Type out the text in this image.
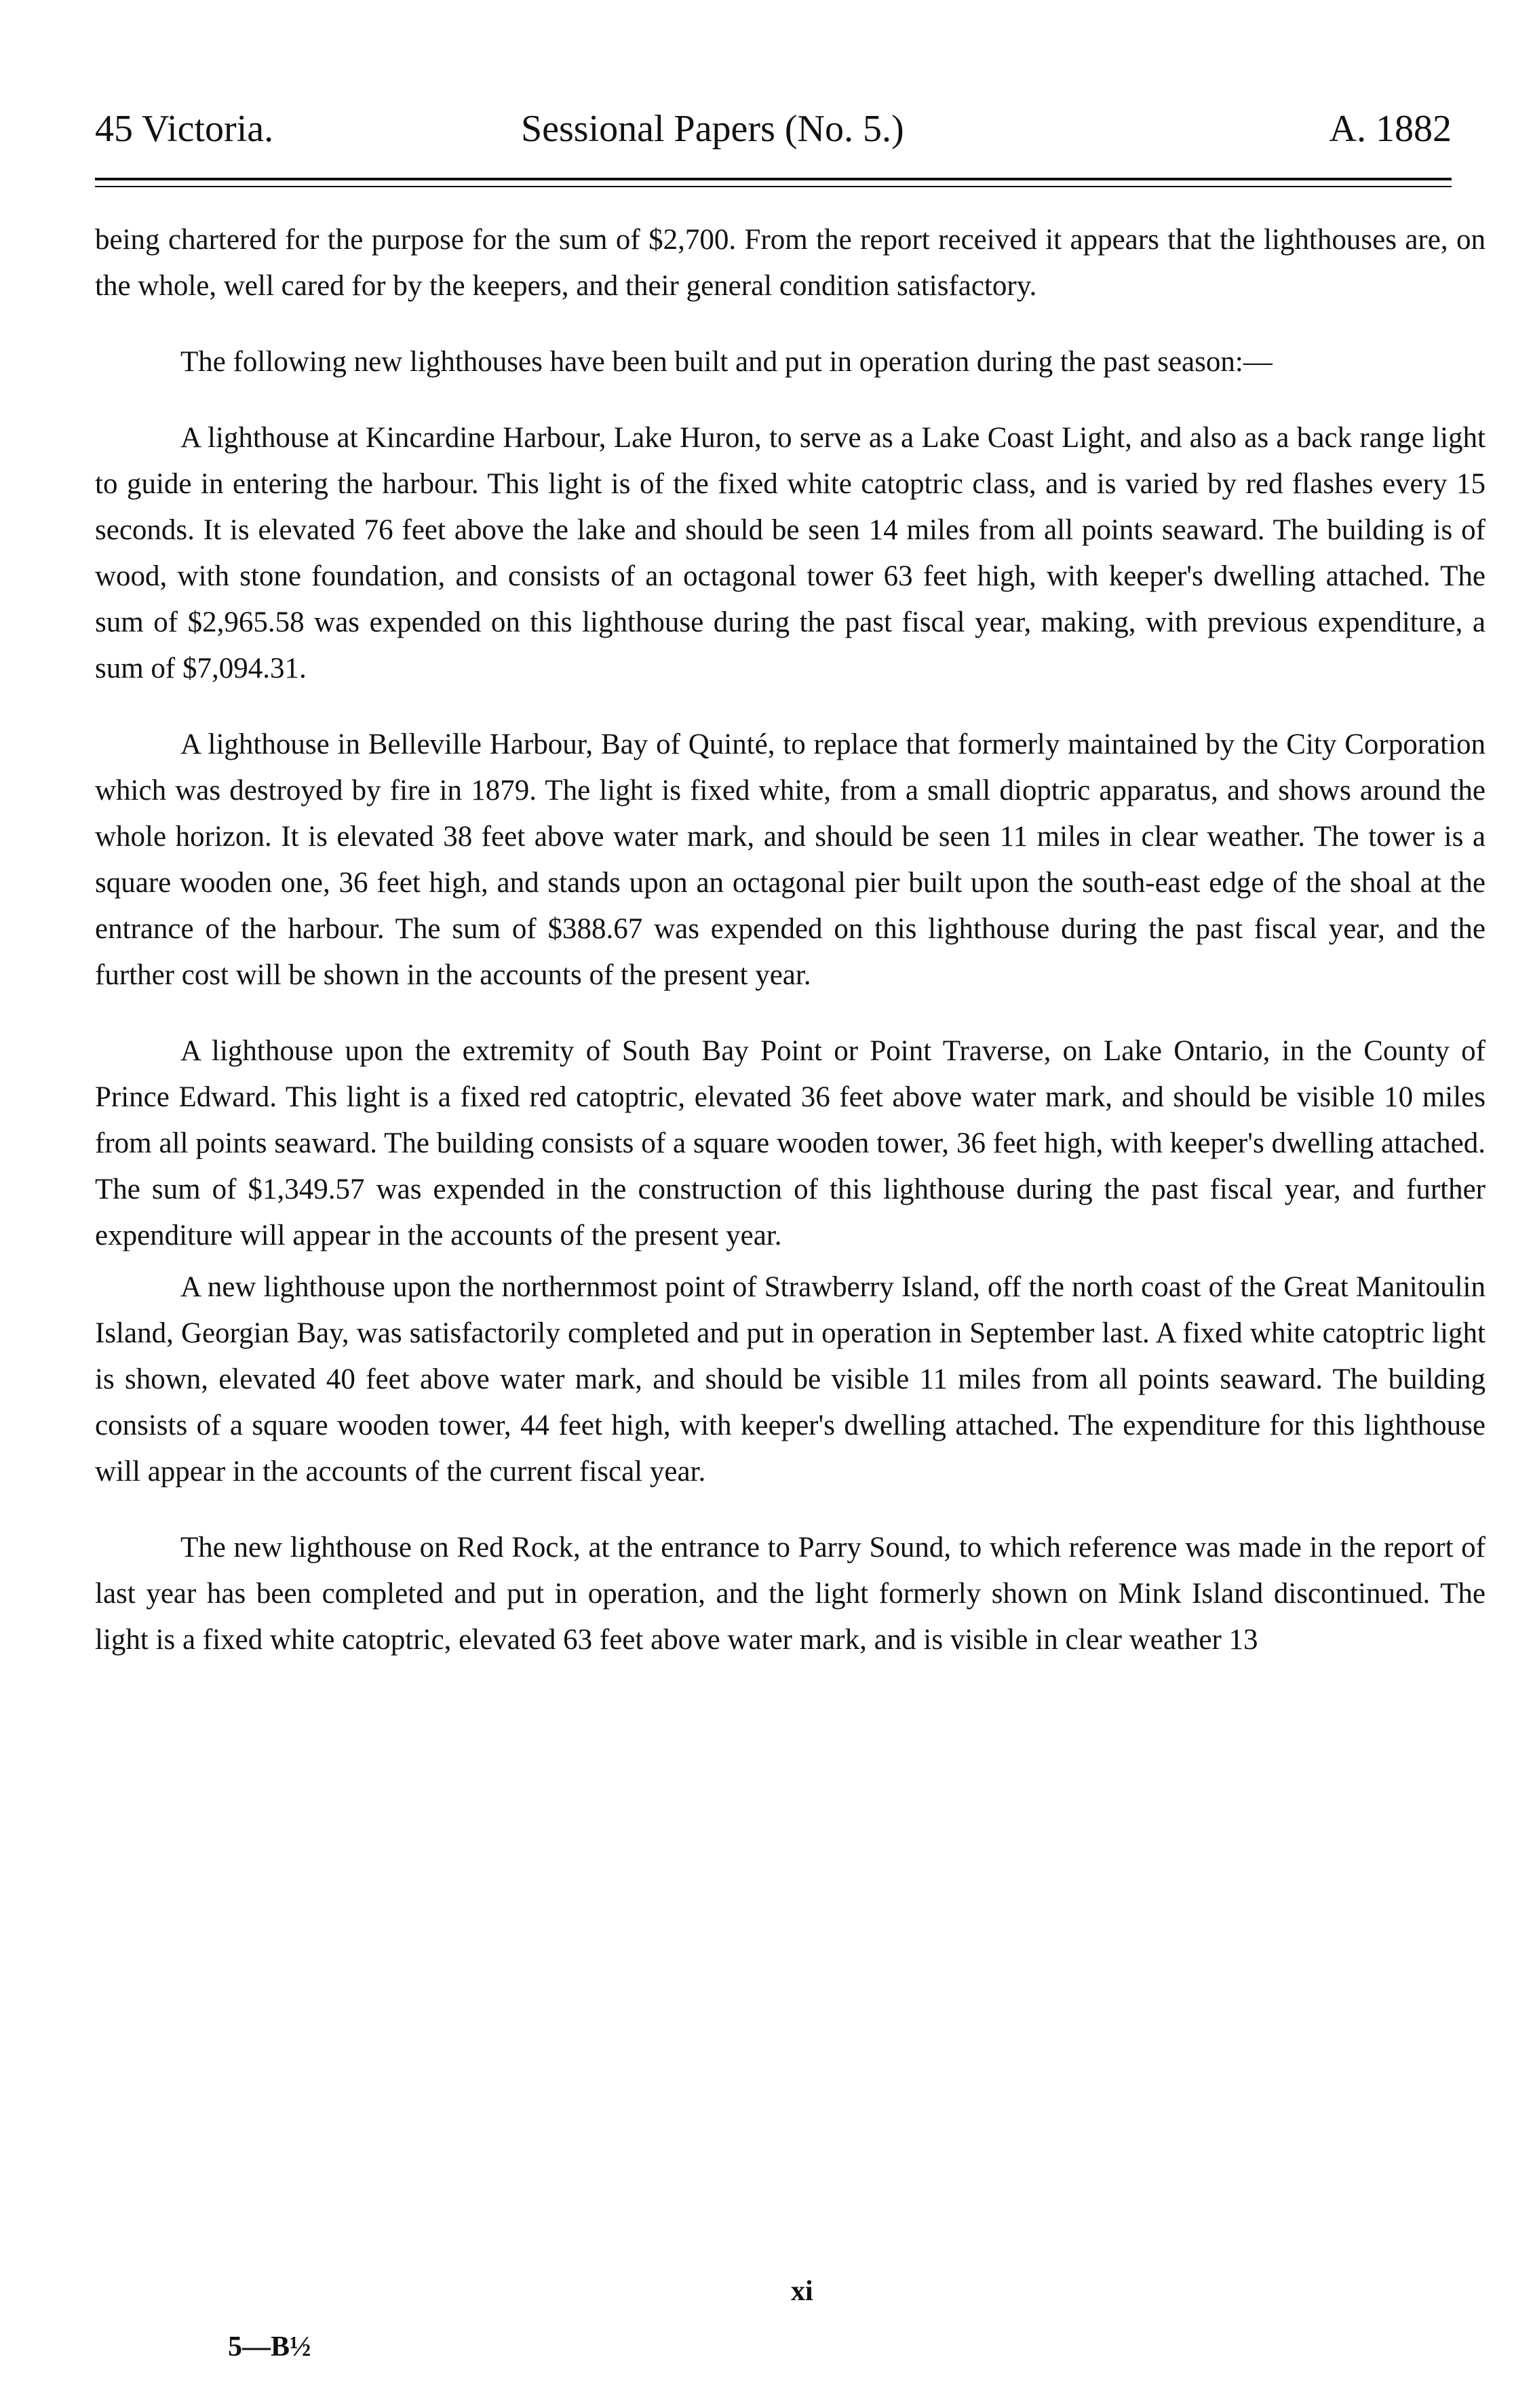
45 Victoria.	Sessional Papers (No. 5.)	A. 1882

being chartered for the purpose for the sum of $2,700. From the report received it appears that the lighthouses are, on the whole, well cared for by the keepers, and their general condition satisfactory.

The following new lighthouses have been built and put in operation during the past season:—

A lighthouse at Kincardine Harbour, Lake Huron, to serve as a Lake Coast Light, and also as a back range light to guide in entering the harbour. This light is of the fixed white catoptric class, and is varied by red flashes every 15 seconds. It is elevated 76 feet above the lake and should be seen 14 miles from all points seaward. The building is of wood, with stone foundation, and consists of an octagonal tower 63 feet high, with keeper's dwelling attached. The sum of $2,965.58 was expended on this lighthouse during the past fiscal year, making, with previous expenditure, a sum of $7,094.31.

A lighthouse in Belleville Harbour, Bay of Quinté, to replace that formerly maintained by the City Corporation which was destroyed by fire in 1879. The light is fixed white, from a small dioptric apparatus, and shows around the whole horizon. It is elevated 38 feet above water mark, and should be seen 11 miles in clear weather. The tower is a square wooden one, 36 feet high, and stands upon an octagonal pier built upon the south-east edge of the shoal at the entrance of the harbour. The sum of $388.67 was expended on this lighthouse during the past fiscal year, and the further cost will be shown in the accounts of the present year.

A lighthouse upon the extremity of South Bay Point or Point Traverse, on Lake Ontario, in the County of Prince Edward. This light is a fixed red catoptric, elevated 36 feet above water mark, and should be visible 10 miles from all points seaward. The building consists of a square wooden tower, 36 feet high, with keeper's dwelling attached. The sum of $1,349.57 was expended in the construction of this lighthouse during the past fiscal year, and further expenditure will appear in the accounts of the present year.

A new lighthouse upon the northernmost point of Strawberry Island, off the north coast of the Great Manitoulin Island, Georgian Bay, was satisfactorily completed and put in operation in September last. A fixed white catoptric light is shown, elevated 40 feet above water mark, and should be visible 11 miles from all points seaward. The building consists of a square wooden tower, 44 feet high, with keeper's dwelling attached. The expenditure for this lighthouse will appear in the accounts of the current fiscal year.

The new lighthouse on Red Rock, at the entrance to Parry Sound, to which reference was made in the report of last year has been completed and put in operation, and the light formerly shown on Mink Island discontinued. The light is a fixed white catoptric, elevated 63 feet above water mark, and is visible in clear weather 13

xi
5—B½
